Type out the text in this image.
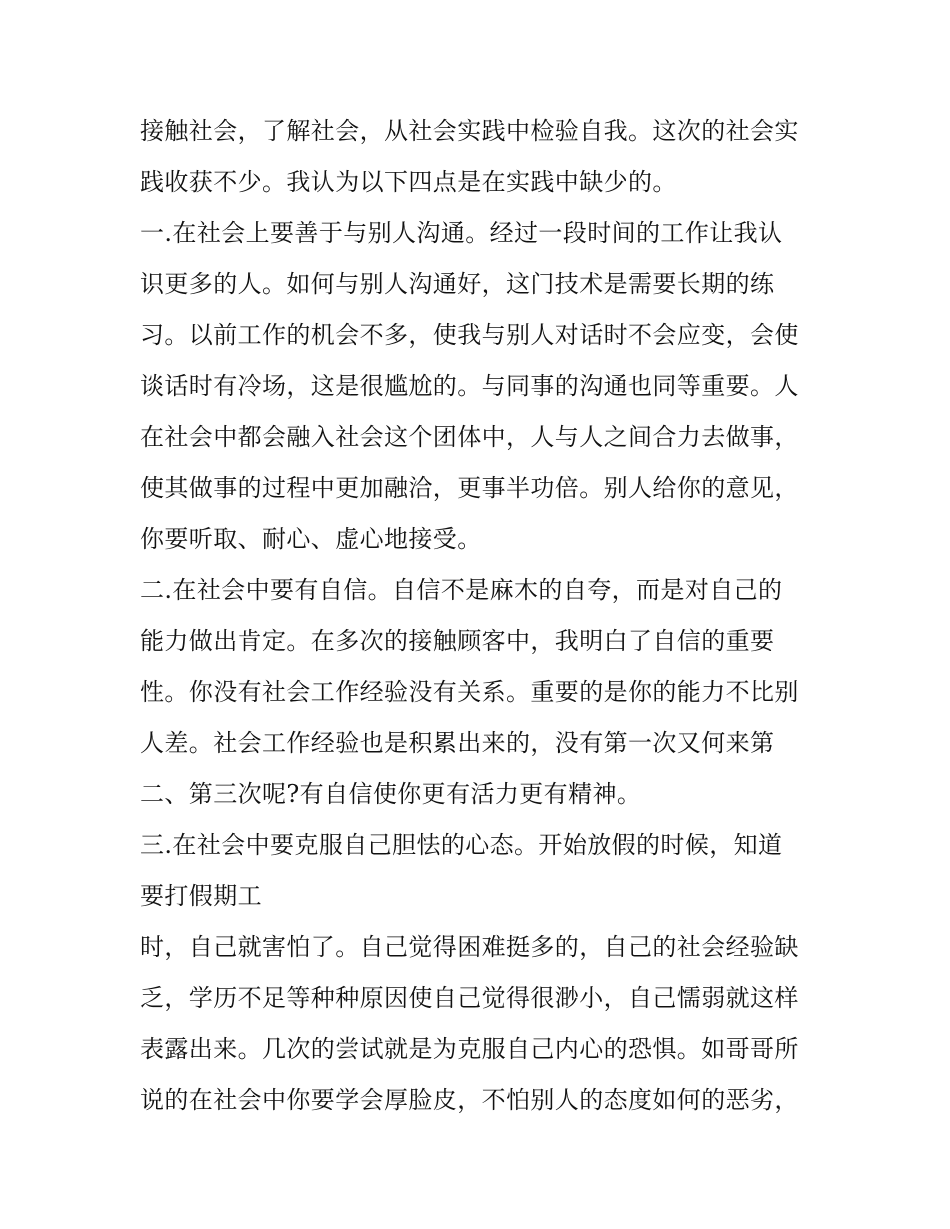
接触社会，了解社会，从社会实践中检验自我。这次的社会实
践收获不少。我认为以下四点是在实践中缺少的。
一.在社会上要善于与别人沟通。经过一段时间的工作让我认
识更多的人。如何与别人沟通好，这门技术是需要长期的练
习。以前工作的机会不多，使我与别人对话时不会应变，会使
谈话时有冷场，这是很尴尬的。与同事的沟通也同等重要。人
在社会中都会融入社会这个团体中，人与人之间合力去做事，
使其做事的过程中更加融洽，更事半功倍。别人给你的意见，
你要听取、耐心、虚心地接受。
二.在社会中要有自信。自信不是麻木的自夸，而是对自己的
能力做出肯定。在多次的接触顾客中，我明白了自信的重要
性。你没有社会工作经验没有关系。重要的是你的能力不比别
人差。社会工作经验也是积累出来的，没有第一次又何来第
二、第三次呢?有自信使你更有活力更有精神。
三.在社会中要克服自己胆怯的心态。开始放假的时候，知道
要打假期工
时，自己就害怕了。自己觉得困难挺多的，自己的社会经验缺
乏，学历不足等种种原因使自己觉得很渺小，自己懦弱就这样
表露出来。几次的尝试就是为克服自己内心的恐惧。如哥哥所
说的在社会中你要学会厚脸皮，不怕别人的态度如何的恶劣，
